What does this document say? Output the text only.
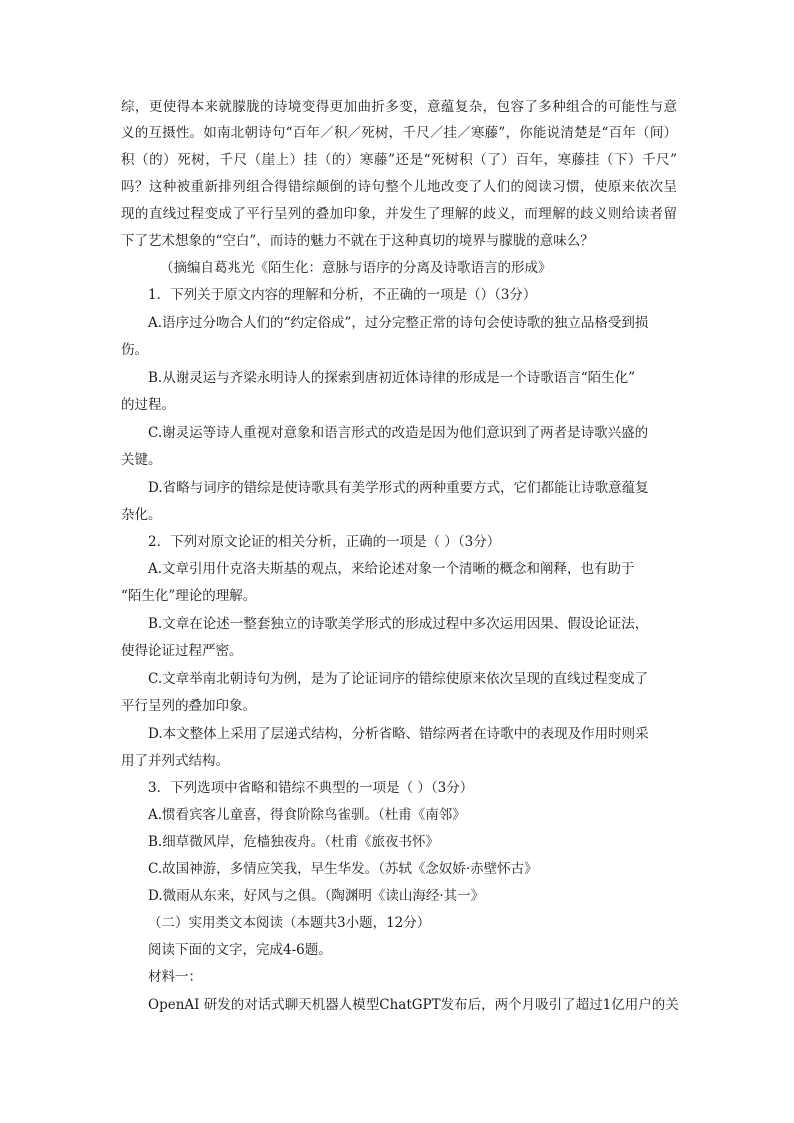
综，更使得本来就朦胧的诗境变得更加曲折多变，意蕴复杂，包容了多种组合的可能性与意
义的互摄性。如南北朝诗句“百年／积／死树，千尺／挂／寒藤”，你能说清楚是“百年（间）
积（的）死树，千尺（崖上）挂（的）寒藤”还是“死树积（了）百年，寒藤挂（下）千尺”
吗？这种被重新排列组合得错综颠倒的诗句整个儿地改变了人们的阅读习惯，使原来依次呈
现的直线过程变成了平行呈列的叠加印象，并发生了理解的歧义，而理解的歧义则给读者留
下了艺术想象的“空白”，而诗的魅力不就在于这种真切的境界与朦胧的意味么？
（摘编自葛兆光《陌生化：意脉与语序的分离及诗歌语言的形成》
1．下列关于原文内容的理解和分析，不正确的一项是（）（3分）
A.语序过分吻合人们的“约定俗成”，过分完整正常的诗句会使诗歌的独立品格受到损
伤。
B.从谢灵运与齐梁永明诗人的探索到唐初近体诗律的形成是一个诗歌语言“陌生化”
的过程。
C.谢灵运等诗人重视对意象和语言形式的改造是因为他们意识到了两者是诗歌兴盛的
关键。
D.省略与词序的错综是使诗歌具有美学形式的两种重要方式，它们都能让诗歌意蕴复
杂化。
2．下列对原文论证的相关分析，正确的一项是（ ）（3分）
A.文章引用什克洛夫斯基的观点，来给论述对象一个清晰的概念和阐释，也有助于
“陌生化”理论的理解。
B.文章在论述一整套独立的诗歌美学形式的形成过程中多次运用因果、假设论证法，
使得论证过程严密。
C.文章举南北朝诗句为例，是为了论证词序的错综使原来依次呈现的直线过程变成了
平行呈列的叠加印象。
D.本文整体上采用了层递式结构，分析省略、错综两者在诗歌中的表现及作用时则采
用了并列式结构。
3．下列选项中省略和错综不典型的一项是（ ）（3分）
A.惯看宾客儿童喜，得食阶除鸟雀驯。（杜甫《南邻》
B.细草微风岸，危樯独夜舟。（杜甫《旅夜书怀》
C.故国神游，多情应笑我，早生华发。（苏轼《念奴娇·赤壁怀古》
D.微雨从东来，好风与之俱。（陶渊明《读山海经·其一》
（二）实用类文本阅读（本题共3小题，12分）
阅读下面的文字，完成4-6题。
材料一：
OpenAI 研发的对话式聊天机器人模型ChatGPT发布后，两个月吸引了超过1亿用户的关
